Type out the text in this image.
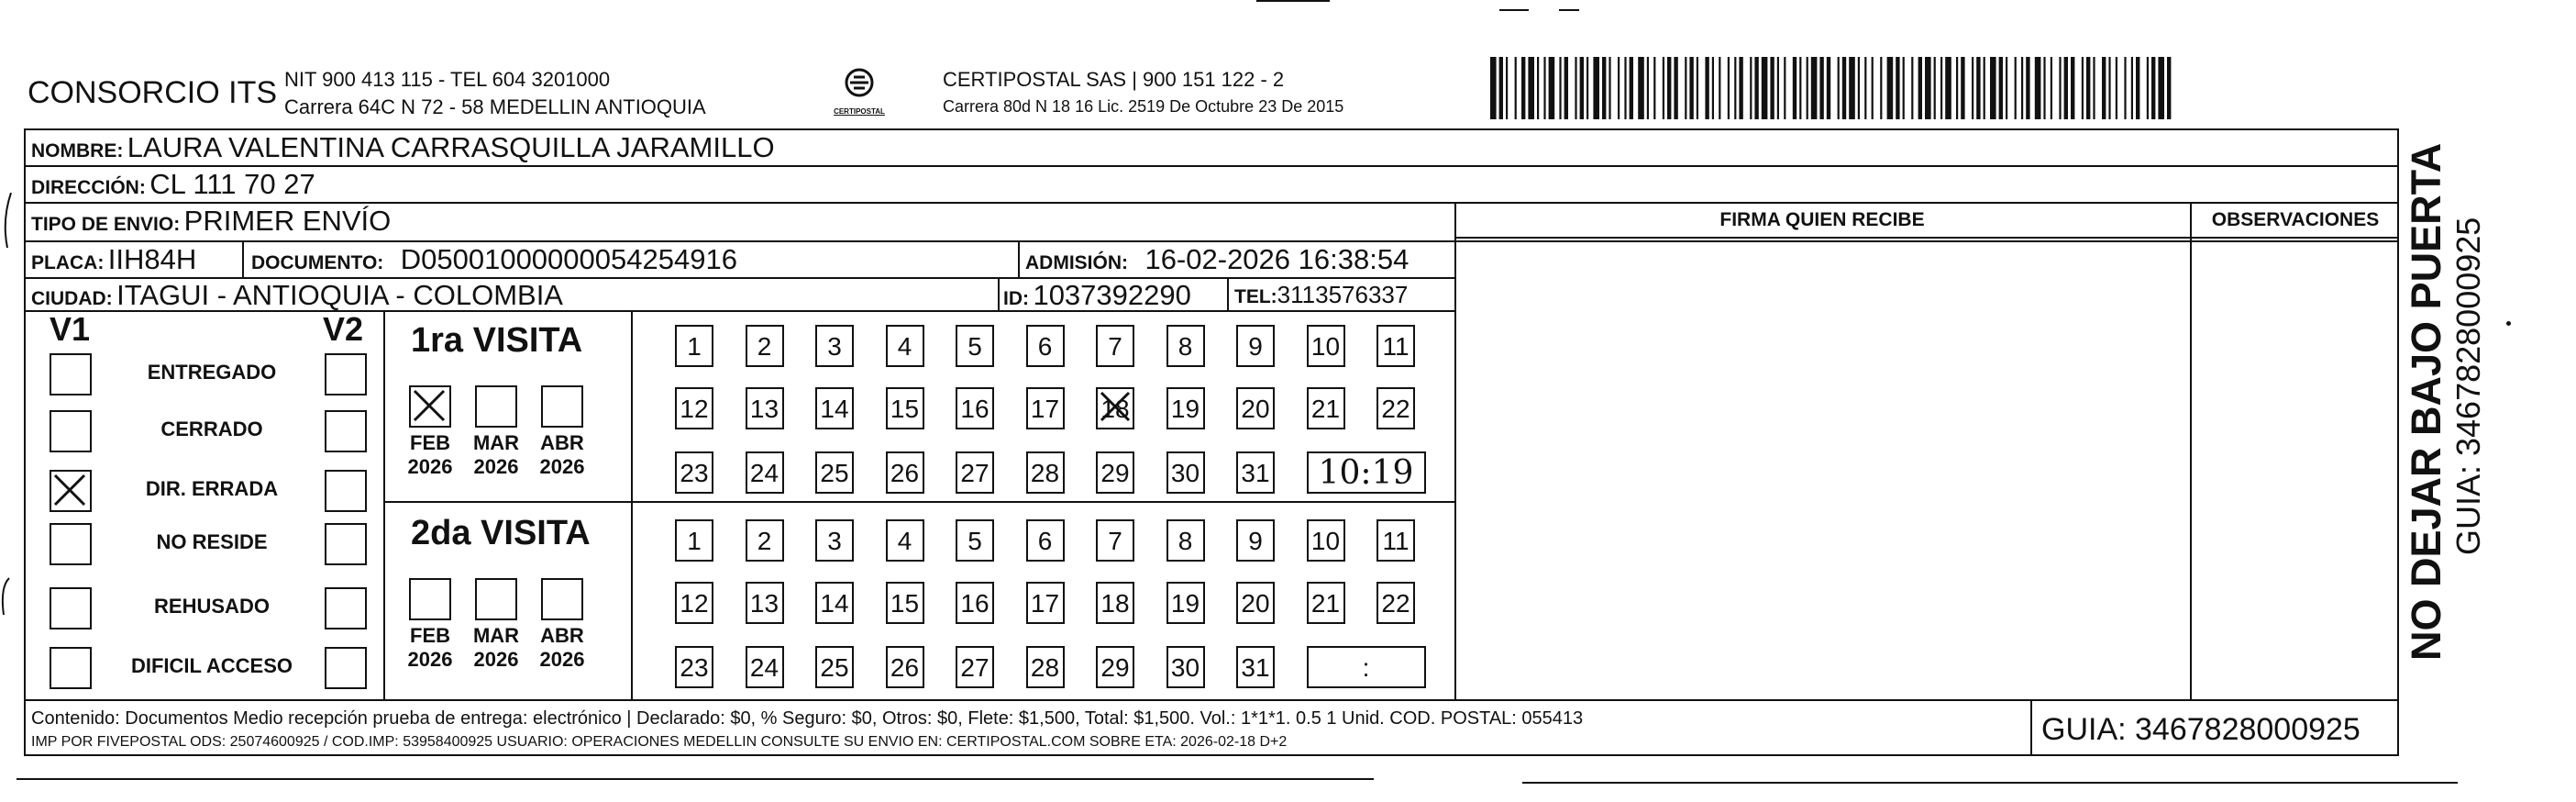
CONSORCIO ITS NIT 900 413 115 - TEL 604 3201000
Carrera 64C N 72 - 58 MEDELLIN ANTIOQUIA	CERTIPOSTAL
CERTIPOSTAL SAS | 900 151 122 - 2
Carrera 80d N 18 16 Lic. 2519 De Octubre 23 De 2015
NOMBRE: LAURA VALENTINA CARRASQUILLA JARAMILLO
DIRECCIÓN: CL 111 70 27
TIPO DE ENVIO: PRIMER ENVÍO	FIRMA QUIEN RECIBE	OBSERVACIONES
PLACA: IIH84H	DOCUMENTO: D05001000000054254916	ADMISIÓN: 16-02-2026 16:38:54
CIUDAD: ITAGUI - ANTIOQUIA - COLOMBIA	ID: 1037392290 TEL:3113576337
V1	V2
ENTREGADO
CERRADO
DIR. ERRADA
NO RESIDE
REHUSADO
DIFICIL ACCESO
1ra VISITA
FEB
2026
MAR
2026
ABR
2026
1	2	3	4	5	6	7	8	9	10 11
12 13 14 15 16 17 18 19 20 21 22
23 24 25 26 27 28 29 30 31	10:19
2da VISITA
FEB
2026
MAR
2026
ABR
2026
1	2	3	4	5	6	7	8	9	10 11
12 13 14 15 16 17 18 19 20 21 22
23 24 25 26 27 28 29 30 31	:
Contenido: Documentos Medio recepción prueba de entrega: electrónico | Declarado: $0, % Seguro: $0, Otros: $0, Flete: $1,500, Total: $1,500. Vol.: 1*1*1. 0.5 1 Unid. COD. POSTAL: 055413
IMP POR FIVEPOSTAL ODS: 25074600925 / COD.IMP: 53958400925 USUARIO: OPERACIONES MEDELLIN CONSULTE SU ENVIO EN: CERTIPOSTAL.COM SOBRE ETA: 2026-02-18 D+2	GUIA: 3467828000925
NO DEJAR BAJO PUERTA GUIA: 3467828000925
